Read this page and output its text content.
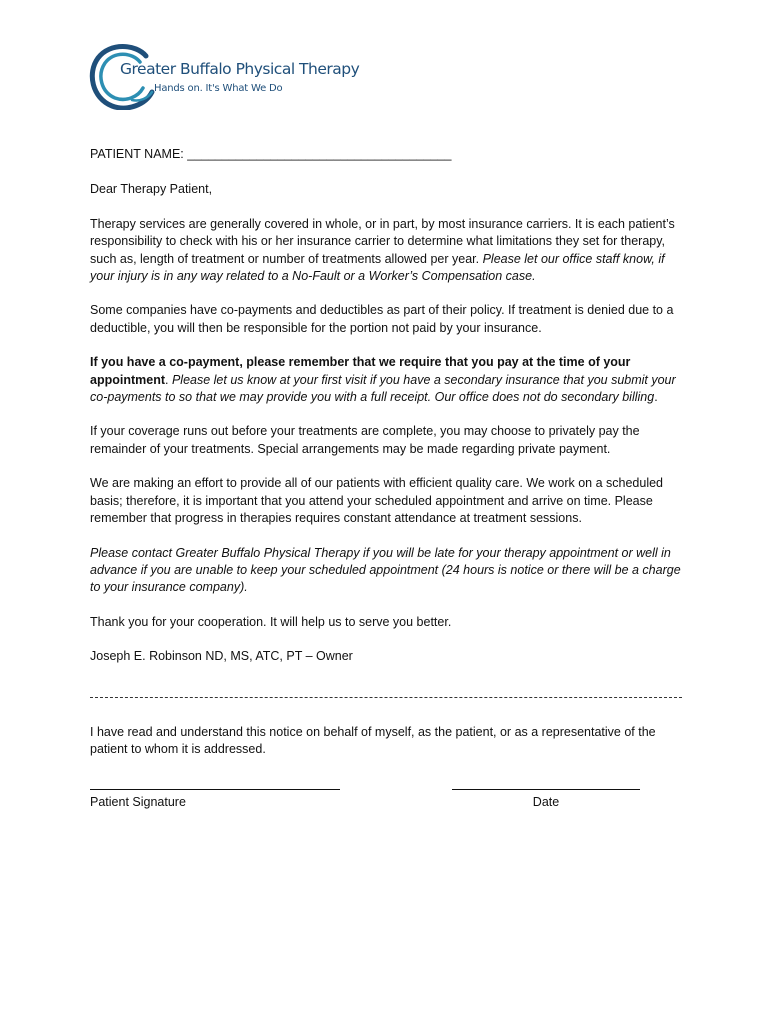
Greater Buffalo Physical Therapy
Hands on. It's What We Do

PATIENT NAME: ______________________________________

Dear Therapy Patient,

Therapy services are generally covered in whole, or in part, by most insurance carriers. It is each patient’s responsibility to check with his or her insurance carrier to determine what limitations they set for therapy, such as, length of treatment or number of treatments allowed per year. Please let our office staff know, if your injury is in any way related to a No-Fault or a Worker’s Compensation case.

Some companies have co-payments and deductibles as part of their policy. If treatment is denied due to a deductible, you will then be responsible for the portion not paid by your insurance.

If you have a co-payment, please remember that we require that you pay at the time of your appointment. Please let us know at your first visit if you have a secondary insurance that you submit your co-payments to so that we may provide you with a full receipt. Our office does not do secondary billing.

If your coverage runs out before your treatments are complete, you may choose to privately pay the remainder of your treatments. Special arrangements may be made regarding private payment.

We are making an effort to provide all of our patients with efficient quality care. We work on a scheduled basis; therefore, it is important that you attend your scheduled appointment and arrive on time. Please remember that progress in therapies requires constant attendance at treatment sessions.

Please contact Greater Buffalo Physical Therapy if you will be late for your therapy appointment or well in advance if you are unable to keep your scheduled appointment (24 hours is notice or there will be a charge to your insurance company).

Thank you for your cooperation. It will help us to serve you better.

Joseph E. Robinson ND, MS, ATC, PT – Owner

I have read and understand this notice on behalf of myself, as the patient, or as a representative of the patient to whom it is addressed.

Patient Signature	Date
